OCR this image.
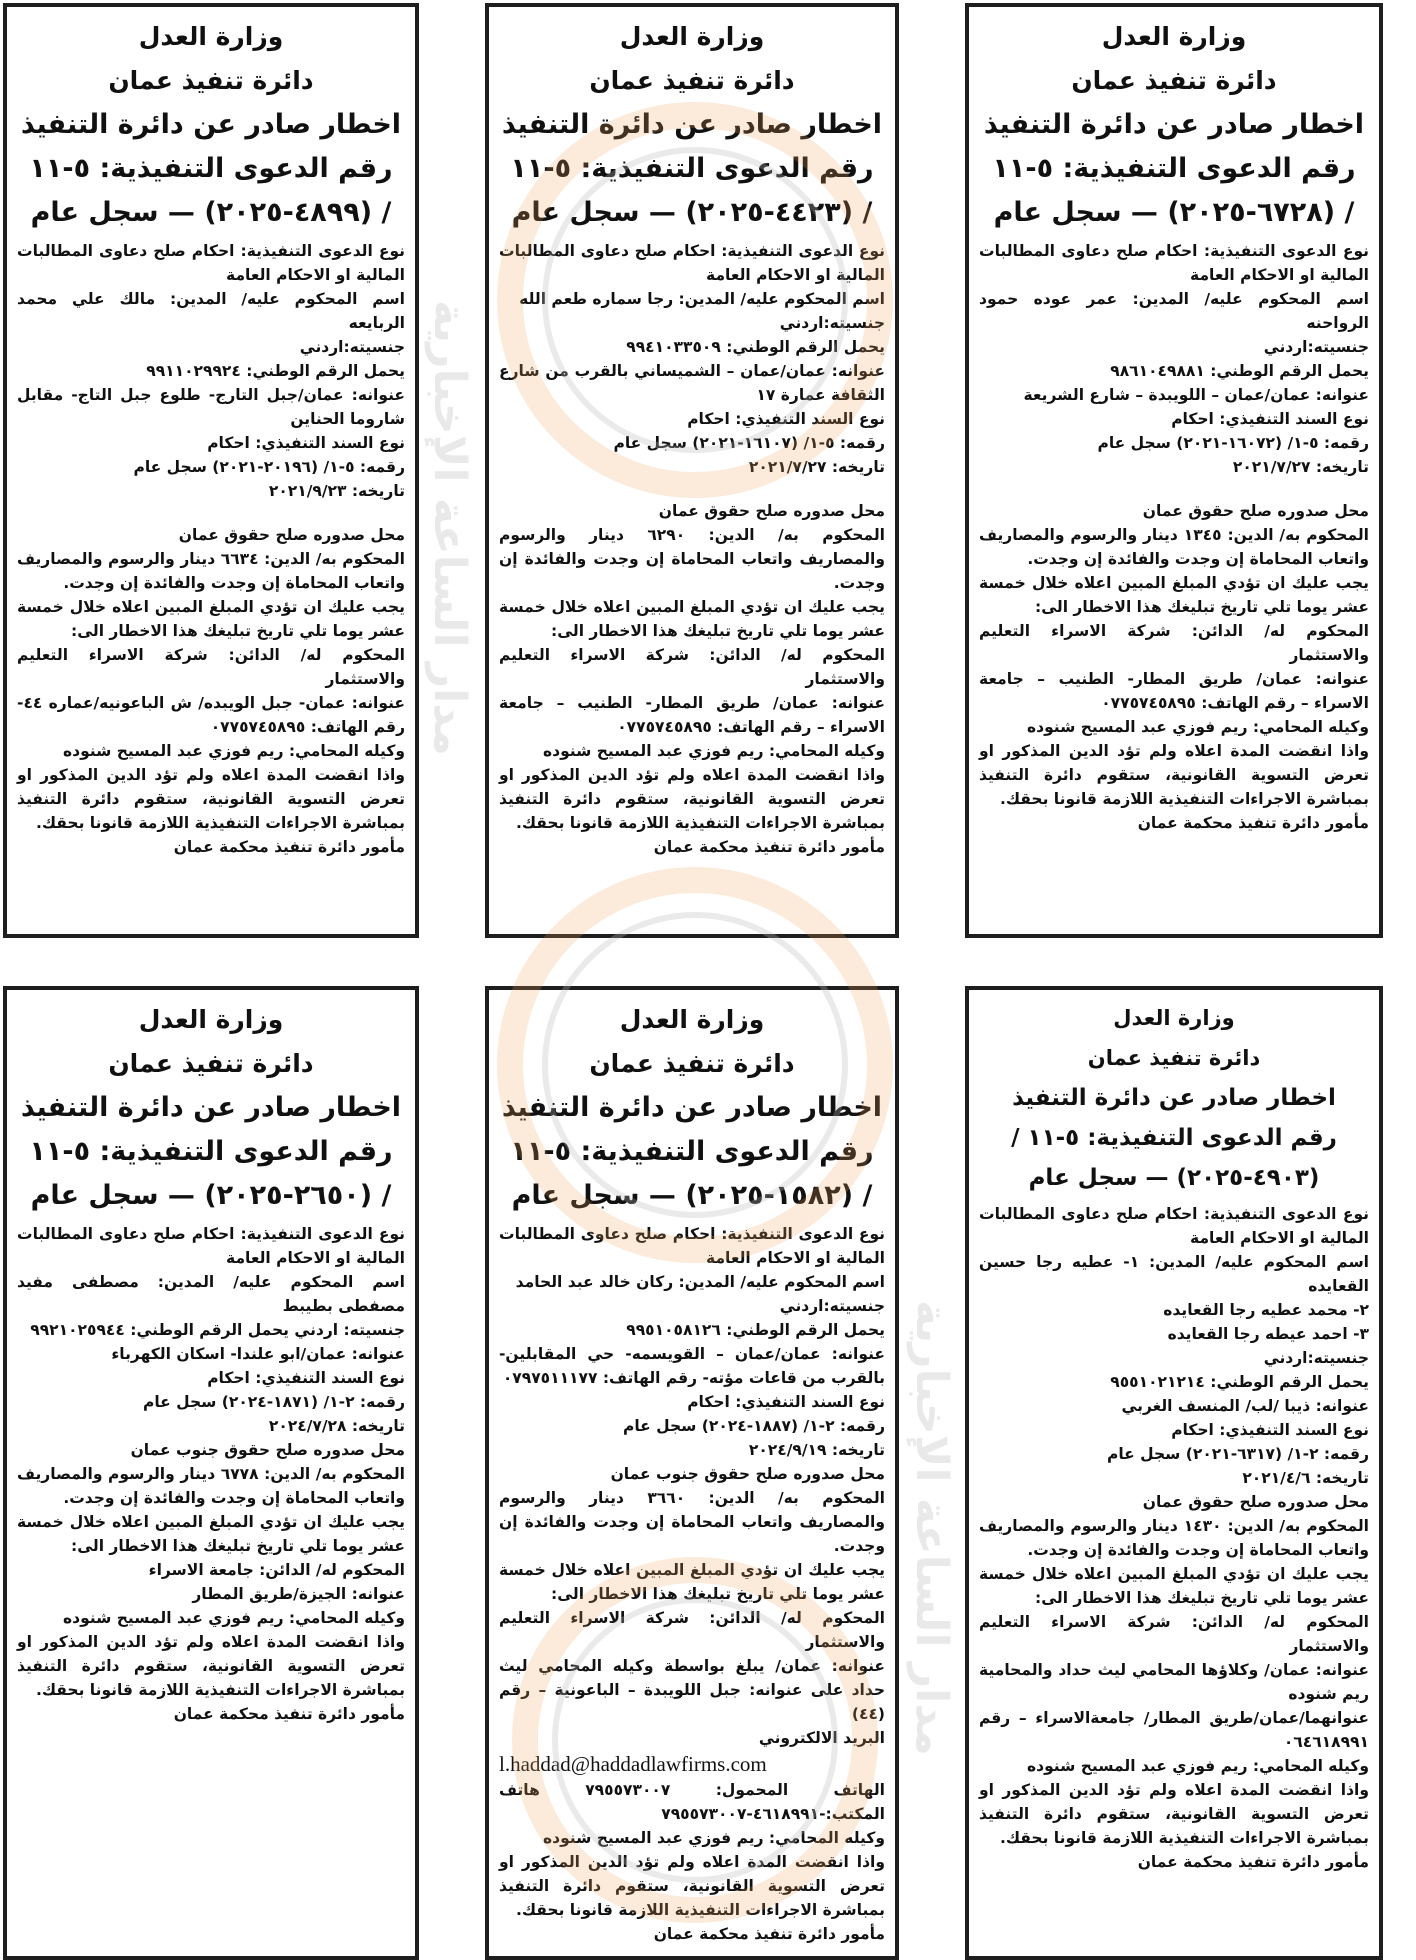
مدار الساعة الإخبارية
مدار الساعة الإخبارية
وزارة العدل
دائرة تنفيذ عمان
اخطار صادر عن دائرة التنفيذ
رقم الدعوى التنفيذية: ٥-١١
/ (٦٧٢٨-٢٠٢٥) — سجل عام

نوع الدعوى التنفيذية: احكام صلح دعاوى المطالبات المالية او الاحكام العامة

اسم المحكوم عليه/ المدين: عمر عوده حمود الرواحنه

جنسيته:اردني

يحمل الرقم الوطني: ٩٨٦١٠٤٩٨٨١

عنوانه: عمان/عمان – اللويبدة – شارع الشريعة

نوع السند التنفيذي: احكام

رقمه: ٥-١/ (١٦٠٧٢-٢٠٢١) سجل عام

تاريخه: ٢٠٢١/٧/٢٧

محل صدوره صلح حقوق عمان

المحكوم به/ الدين: ١٣٤٥ دينار والرسوم والمصاريف واتعاب المحاماة إن وجدت والفائدة إن وجدت.

يجب عليك ان تؤدي المبلغ المبين اعلاه خلال خمسة عشر يوما تلي تاريخ تبليغك هذا الاخطار الى:

المحكوم له/ الدائن: شركة الاسراء التعليم والاستثمار

عنوانه: عمان/ طريق المطار- الطنيب – جامعة الاسراء – رقم الهاتف: ٠٧٧٥٧٤٥٨٩٥

وكيله المحامي: ريم فوزي عبد المسيح شنوده

واذا انقضت المدة اعلاه ولم تؤد الدين المذكور او تعرض التسوية القانونية، ستقوم دائرة التنفيذ بمباشرة الاجراءات التنفيذية اللازمة قانونا بحقك.

مأمور دائرة تنفيذ محكمة عمان

وزارة العدل
دائرة تنفيذ عمان
اخطار صادر عن دائرة التنفيذ
رقم الدعوى التنفيذية: ٥-١١
/ (٤٤٢٣-٢٠٢٥) — سجل عام

نوع الدعوى التنفيذية: احكام صلح دعاوى المطالبات المالية او الاحكام العامة

اسم المحكوم عليه/ المدين: رجا سماره طعم الله

جنسيته:اردني

يحمل الرقم الوطني: ٩٩٤١٠٣٣٥٠٩

عنوانه: عمان/عمان – الشميساني بالقرب من شارع الثقافة عمارة ١٧

نوع السند التنفيذي: احكام

رقمه: ٥-١/ (١٦١٠٧-٢٠٢١) سجل عام

تاريخه: ٢٠٢١/٧/٢٧

محل صدوره صلح حقوق عمان

المحكوم به/ الدين: ٦٢٩٠ دينار والرسوم والمصاريف واتعاب المحاماة إن وجدت والفائدة إن وجدت.

يجب عليك ان تؤدي المبلغ المبين اعلاه خلال خمسة عشر يوما تلي تاريخ تبليغك هذا الاخطار الى:

المحكوم له/ الدائن: شركة الاسراء التعليم والاستثمار

عنوانه: عمان/ طريق المطار- الطنيب – جامعة الاسراء – رقم الهاتف: ٠٧٧٥٧٤٥٨٩٥

وكيله المحامي: ريم فوزي عبد المسيح شنوده

واذا انقضت المدة اعلاه ولم تؤد الدين المذكور او تعرض التسوية القانونية، ستقوم دائرة التنفيذ بمباشرة الاجراءات التنفيذية اللازمة قانونا بحقك.

مأمور دائرة تنفيذ محكمة عمان

وزارة العدل
دائرة تنفيذ عمان
اخطار صادر عن دائرة التنفيذ
رقم الدعوى التنفيذية: ٥-١١
/ (٤٨٩٩-٢٠٢٥) — سجل عام

نوع الدعوى التنفيذية: احكام صلح دعاوى المطالبات المالية او الاحكام العامة

اسم المحكوم عليه/ المدين: مالك علي محمد الربايعه

جنسيته:اردني

يحمل الرقم الوطني: ٩٩١١٠٢٩٩٢٤

عنوانه: عمان/جبل التارج- طلوع جبل التاج- مقابل شاروما الحناين

نوع السند التنفيذي: احكام

رقمه: ٥-١/ (٢٠١٩٦-٢٠٢١) سجل عام

تاريخه: ٢٠٢١/٩/٢٣

محل صدوره صلح حقوق عمان

المحكوم به/ الدين: ٦٦٣٤ دينار والرسوم والمصاريف واتعاب المحاماة إن وجدت والفائدة إن وجدت.

يجب عليك ان تؤدي المبلغ المبين اعلاه خلال خمسة عشر يوما تلي تاريخ تبليغك هذا الاخطار الى:

المحكوم له/ الدائن: شركة الاسراء التعليم والاستثمار

عنوانه: عمان- جبل الويبده/ ش الباعونيه/عماره ٤٤- رقم الهاتف: ٠٧٧٥٧٤٥٨٩٥

وكيله المحامي: ريم فوزي عبد المسيح شنوده

واذا انقضت المدة اعلاه ولم تؤد الدين المذكور او تعرض التسوية القانونية، ستقوم دائرة التنفيذ بمباشرة الاجراءات التنفيذية اللازمة قانونا بحقك.

مأمور دائرة تنفيذ محكمة عمان

وزارة العدل
دائرة تنفيذ عمان
اخطار صادر عن دائرة التنفيذ
رقم الدعوى التنفيذية: ٥-١١ /
(٤٩٠٣-٢٠٢٥) — سجل عام

نوع الدعوى التنفيذية: احكام صلح دعاوى المطالبات المالية او الاحكام العامة

اسم المحكوم عليه/ المدين: ١- عطيه رجا حسين القعايده

٢- محمد عطيه رجا القعايده

٣- احمد عيطه رجا القعايده

جنسيته:اردني

يحمل الرقم الوطني: ٩٥٥١٠٢١٢١٤

عنوانه: ذيبا /لب/ المنسف الغربي

نوع السند التنفيذي: احكام

رقمه: ٢-١/ (٦٣١٧-٢٠٢١) سجل عام

تاريخه: ٢٠٢١/٤/٦

محل صدوره صلح حقوق عمان

المحكوم به/ الدين: ١٤٣٠ دينار والرسوم والمصاريف واتعاب المحاماة إن وجدت والفائدة إن وجدت.

يجب عليك ان تؤدي المبلغ المبين اعلاه خلال خمسة عشر يوما تلي تاريخ تبليغك هذا الاخطار الى:

المحكوم له/ الدائن: شركة الاسراء التعليم والاستثمار

عنوانه: عمان/ وكلاؤها المحامي ليث حداد والمحامية ريم شنوده

عنوانهما/عمان/طريق المطار/ جامعةالاسراء – رقم ٠٦٤٦١٨٩٩١

وكيله المحامي: ريم فوزي عبد المسيح شنوده

واذا انقضت المدة اعلاه ولم تؤد الدين المذكور او تعرض التسوية القانونية، ستقوم دائرة التنفيذ بمباشرة الاجراءات التنفيذية اللازمة قانونا بحقك.

مأمور دائرة تنفيذ محكمة عمان

وزارة العدل
دائرة تنفيذ عمان
اخطار صادر عن دائرة التنفيذ
رقم الدعوى التنفيذية: ٥-١١
/ (١٥٨٢-٢٠٢٥) — سجل عام

نوع الدعوى التنفيذية: احكام صلح دعاوى المطالبات المالية او الاحكام العامة

اسم المحكوم عليه/ المدين: ركان خالد عبد الحامد

جنسيته:اردني

يحمل الرقم الوطني: ٩٩٥١٠٥٨١٢٦

عنوانه: عمان/عمان – القويسمه- حي المقابلين- بالقرب من قاعات مؤته- رقم الهاتف: ٠٧٩٧٥١١١٧٧

نوع السند التنفيذي: احكام

رقمه: ٢-١/ (١٨٨٧-٢٠٢٤) سجل عام

تاريخه: ٢٠٢٤/٩/١٩

محل صدوره صلح حقوق جنوب عمان

المحكوم به/ الدين: ٣٦٦٠ دينار والرسوم والمصاريف واتعاب المحاماة إن وجدت والفائدة إن وجدت.

يجب عليك ان تؤدي المبلغ المبين اعلاه خلال خمسة عشر يوما تلي تاريخ تبليغك هذا الاخطار الى:

المحكوم له/ الدائن: شركة الاسراء التعليم والاستثمار

عنوانه: عمان/ يبلغ بواسطة وكيله المحامي ليث حداد على عنوانه: جبل اللويبدة – الباعونية – رقم (٤٤)

البريد الالكتروني

l.haddad@haddadlawfirms.com

الهاتف المحمول: ٧٩٥٥٧٣٠٠٧ هاتف المكتب:-٤٦١٨٩٩١-٧٩٥٥٧٣٠٠٧

وكيله المحامي: ريم فوزي عبد المسيح شنوده

واذا انقضت المدة اعلاه ولم تؤد الدين المذكور او تعرض التسوية القانونية، ستقوم دائرة التنفيذ بمباشرة الاجراءات التنفيذية اللازمة قانونا بحقك.

مأمور دائرة تنفيذ محكمة عمان

وزارة العدل
دائرة تنفيذ عمان
اخطار صادر عن دائرة التنفيذ
رقم الدعوى التنفيذية: ٥-١١
/ (٢٦٥٠-٢٠٢٥) — سجل عام

نوع الدعوى التنفيذية: احكام صلح دعاوى المطالبات المالية او الاحكام العامة

اسم المحكوم عليه/ المدين: مصطفى مفيد مصفطى بطيبط

جنسيته: اردني يحمل الرقم الوطني: ٩٩٢١٠٢٥٩٤٤

عنوانه: عمان/ابو علندا- اسكان الكهرباء

نوع السند التنفيذي: احكام

رقمه: ٢-١/ (١٨٧١-٢٠٢٤) سجل عام

تاريخه: ٢٠٢٤/٧/٢٨

محل صدوره صلح حقوق جنوب عمان

المحكوم به/ الدين: ٦٧٧٨ دينار والرسوم والمصاريف واتعاب المحاماة إن وجدت والفائدة إن وجدت.

يجب عليك ان تؤدي المبلغ المبين اعلاه خلال خمسة عشر يوما تلي تاريخ تبليغك هذا الاخطار الى:

المحكوم له/ الدائن: جامعة الاسراء

عنوانه: الجيزة/طريق المطار

وكيله المحامي: ريم فوزي عبد المسيح شنوده

واذا انقضت المدة اعلاه ولم تؤد الدين المذكور او تعرض التسوية القانونية، ستقوم دائرة التنفيذ بمباشرة الاجراءات التنفيذية اللازمة قانونا بحقك.

مأمور دائرة تنفيذ محكمة عمان
